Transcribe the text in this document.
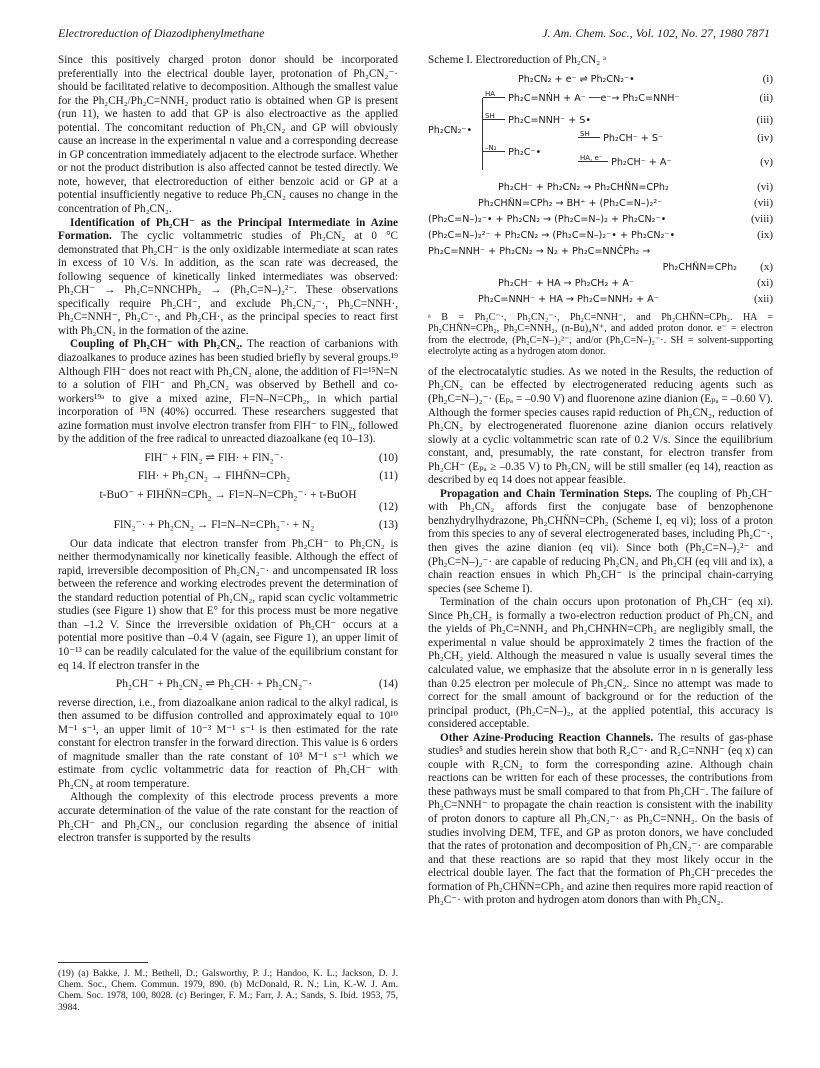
Electroreduction of Diazodiphenylmethane	J. Am. Chem. Soc., Vol. 102, No. 27, 1980 7871

Since this positively charged proton donor should be incorporated preferentially into the electrical double layer, protonation of Ph₂CN₂⁻· should be facilitated relative to decomposition. Although the smallest value for the Ph₂CH₂/Ph₂C=NNH₂ product ratio is obtained when GP is present (run 11), we hasten to add that GP is also electroactive as the applied potential. The concomitant reduction of Ph₂CN₂ and GP will obviously cause an increase in the experimental n value and a corresponding decrease in GP concentration immediately adjacent to the electrode surface. Whether or not the product distribution is also affected cannot be tested directly. We note, however, that electroreduction of either benzoic acid or GP at a potential insufficiently negative to reduce Ph₂CN₂ causes no change in the concentration of Ph₂CN₂.

Identification of Ph₂CH⁻ as the Principal Intermediate in Azine Formation. The cyclic voltammetric studies of Ph₂CN₂ at 0 °C demonstrated that Ph₂CH⁻ is the only oxidizable intermediate at scan rates in excess of 10 V/s. In addition, as the scan rate was decreased, the following sequence of kinetically linked intermediates was observed: Ph₂CH⁻ → Ph₂C=NNCHPh₂ → (Ph₂C=N–)₂²⁻. These observations specifically require Ph₂CH⁻, and exclude Ph₂CN₂⁻·, Ph₂C=NNH·, Ph₂C=NNH⁻, Ph₂C⁻·, and Ph₂CH·, as the principal species to react first with Ph₂CN₂ in the formation of the azine.

Coupling of Ph₂CH⁻ with Ph₂CN₂. The reaction of carbanions with diazoalkanes to produce azines has been studied briefly by several groups.¹⁹ Although FlH⁻ does not react with Ph₂CN₂ alone, the addition of Fl=¹⁵N=N to a solution of FlH⁻ and Ph₂CN₂ was observed by Bethell and co-workers¹⁹ᵃ to give a mixed azine, Fl=N–N=CPh₂, in which partial incorporation of ¹⁵N (40%) occurred. These researchers suggested that azine formation must involve electron transfer from FlH⁻ to FlN₂, followed by the addition of the free radical to unreacted diazoalkane (eq 10–13).

FlH⁻ + FlN₂ ⇌ FlH· + FlN₂⁻·	(10)
FlH· + Ph₂CN₂ → FlHN̈N=CPh₂	(11)
t-BuO⁻ + FlHN̈N=CPh₂ → Fl=N–N=CPh₂⁻· + t-BuOH
(12)
FlN₂⁻· + Ph₂CN₂ → Fl=N–N=CPh₂⁻· + N₂	(13)

Our data indicate that electron transfer from Ph₂CH⁻ to Ph₂CN₂ is neither thermodynamically nor kinetically feasible. Although the effect of rapid, irreversible decomposition of Ph₂CN₂⁻· and uncompensated IR loss between the reference and working electrodes prevent the determination of the standard reduction potential of Ph₂CN₂, rapid scan cyclic voltammetric studies (see Figure 1) show that E° for this process must be more negative than –1.2 V. Since the irreversible oxidation of Ph₂CH⁻ occurs at a potential more positive than –0.4 V (again, see Figure 1), an upper limit of 10⁻¹³ can be readily calculated for the value of the equilibrium constant for eq 14. If electron transfer in the

Ph₂CH⁻ + Ph₂CN₂ ⇌ Ph₂CH· + Ph₂CN₂⁻·	(14)

reverse direction, i.e., from diazoalkane anion radical to the alkyl radical, is then assumed to be diffusion controlled and approximately equal to 10¹⁰ M⁻¹ s⁻¹, an upper limit of 10⁻³ M⁻¹ s⁻¹ is then estimated for the rate constant for electron transfer in the forward direction. This value is 6 orders of magnitude smaller than the rate constant of 10³ M⁻¹ s⁻¹ which we estimate from cyclic voltammetric data for reaction of Ph₂CH⁻ with Ph₂CN₂ at room temperature.

Although the complexity of this electrode process prevents a more accurate determination of the value of the rate constant for the reaction of Ph₂CH⁻ and Ph₂CN₂, our conclusion regarding the absence of initial electron transfer is supported by the results

(19) (a) Bakke, J. M.; Bethell, D.; Galsworthy, P. J.; Handoo, K. L.; Jackson, D. J. Chem. Soc., Chem. Commun. 1979, 890. (b) McDonald, R. N.; Lin, K.-W. J. Am. Chem. Soc. 1978, 100, 8028. (c) Beringer, F. M.; Farr, J. A.; Sands, S. Ibid. 1953, 75, 3984.
Scheme I. Electroreduction of Ph₂CN₂ ᵃ
Ph₂CN₂ + e⁻ ⇌ Ph₂CN₂⁻•	(i)
Ph₂CN₂⁻•
HA Ph₂C=NṄH + A⁻ ──e⁻→ Ph₂C=NNH⁻	(ii)
SH Ph₂C=NNH⁻ + S•	(iii)
–N₂ Ph₂C⁻•
SH Ph₂CH⁻ + S⁻	(iv)
HA, e⁻ Ph₂CH⁻ + A⁻	(v)
Ph₂CH⁻ + Ph₂CN₂ → Ph₂CHN̈N=CPh₂	(vi)
Ph₂CHN̈N=CPh₂ → BH⁺ + (Ph₂C=N–)₂²⁻	(vii)
(Ph₂C=N–)₂⁻• + Ph₂CN₂ → (Ph₂C=N–)₂ + Ph₂CN₂⁻•	(viii)
(Ph₂C=N–)₂²⁻ + Ph₂CN₂ → (Ph₂C=N–)₂⁻• + Ph₂CN₂⁻•	(ix)
Ph₂C=NNH⁻ + Ph₂CN₂ → N₂ + Ph₂C=NNĊPh₂ →
Ph₂CHN̈N=CPh₂	(x)
Ph₂CH⁻ + HA → Ph₂CH₂ + A⁻	(xi)
Ph₂C=NNH⁻ + HA → Ph₂C=NNH₂ + A⁻	(xii)
ᵃ B = Ph₂C⁻·, Ph₂CN₂⁻·, Ph₂C=NNH⁻, and Ph₂CHN̈N=CPh₂. HA = Ph₂CHN̈N=CPh₂, Ph₂C=NNH₂, (n-Bu)₄N⁺, and added proton donor. e⁻ = electron from the electrode, (Ph₂C=N–)₂²⁻, and/or (Ph₂C=N–)₂⁻·. SH = solvent-supporting electrolyte acting as a hydrogen atom donor.

of the electrocatalytic studies. As we noted in the Results, the reduction of Ph₂CN₂ can be effected by electrogenerated reducing agents such as (Ph₂C=N–)₂⁻· (Eₚₐ = –0.90 V) and fluorenone azine dianion (Eₚₐ = –0.60 V). Although the former species causes rapid reduction of Ph₂CN₂, reduction of Ph₂CN₂ by electrogenerated fluorenone azine dianion occurs relatively slowly at a cyclic voltammetric scan rate of 0.2 V/s. Since the equilibrium constant, and, presumably, the rate constant, for electron transfer from Ph₂CH⁻ (Eₚₐ ≥ –0.35 V) to Ph₂CN₂ will be still smaller (eq 14), reaction as described by eq 14 does not appear feasible.

Propagation and Chain Termination Steps. The coupling of Ph₂CH⁻ with Ph₂CN₂ affords first the conjugate base of benzophenone benzhydrylhydrazone, Ph₂CHN̈N=CPh₂ (Scheme I, eq vi); loss of a proton from this species to any of several electrogenerated bases, including Ph₂C⁻·, then gives the azine dianion (eq vii). Since both (Ph₂C=N–)₂²⁻ and (Ph₂C=N–)₂⁻· are capable of reducing Ph₂CN₂ and Ph₂CH (eq viii and ix), a chain reaction ensues in which Ph₂CH⁻ is the principal chain-carrying species (see Scheme I).

Termination of the chain occurs upon protonation of Ph₂CH⁻ (eq xi). Since Ph₂CH₂ is formally a two-electron reduction product of Ph₂CN₂ and the yields of Ph₂C=NNH₂ and Ph₂CHNHN=CPh₂ are negligibly small, the experimental n value should be approximately 2 times the fraction of the Ph₂CH₂ yield. Although the measured n value is usually several times the calculated value, we emphasize that the absolute error in n is generally less than 0.25 electron per molecule of Ph₂CN₂. Since no attempt was made to correct for the small amount of background or for the reduction of the principal product, (Ph₂C=N–)₂, at the applied potential, this accuracy is considered acceptable.

Other Azine-Producing Reaction Channels. The results of gas-phase studies⁵ and studies herein show that both R₂C⁻· and R₂C=NNH⁻ (eq x) can couple with R₂CN₂ to form the corresponding azine. Although chain reactions can be written for each of these processes, the contributions from these pathways must be small compared to that from Ph₂CH⁻. The failure of Ph₂C=NNH⁻ to propagate the chain reaction is consistent with the inability of proton donors to capture all Ph₂CN₂⁻· as Ph₂C=NNH₂. On the basis of studies involving DEM, TFE, and GP as proton donors, we have concluded that the rates of protonation and decomposition of Ph₂CN₂⁻· are comparable and that these reactions are so rapid that they most likely occur in the electrical double layer. The fact that the formation of Ph₂CH⁻precedes the formation of Ph₂CHN̈N=CPh₂ and azine then requires more rapid reaction of Ph₂C⁻· with proton and hydrogen atom donors than with Ph₂CN₂.
